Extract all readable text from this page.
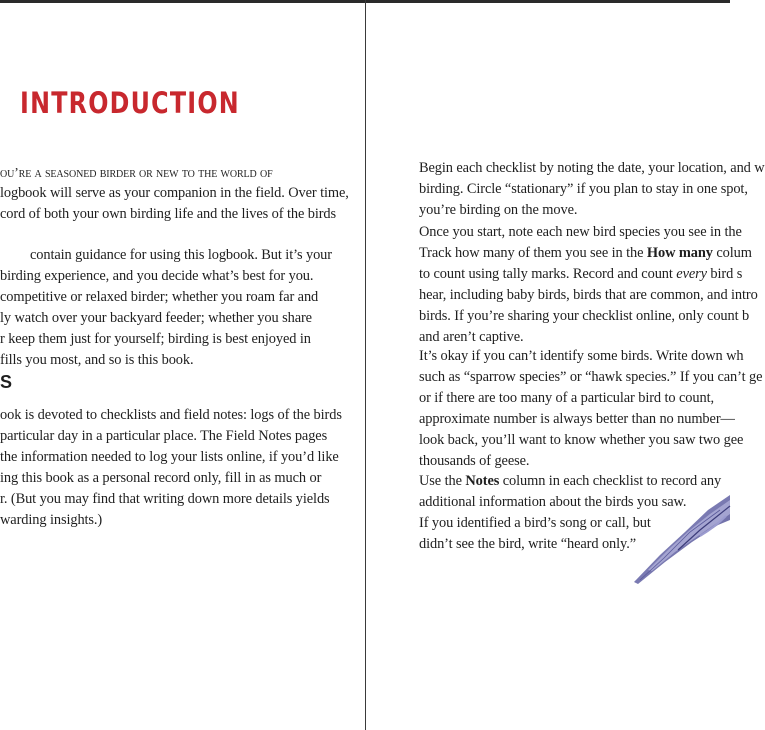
INTRODUCTION
ou’re a seasoned birder or new to the world of
logbook will serve as your companion in the field. Over time,
cord of both your own birding life and the lives of the birds
contain guidance for using this logbook. But it’s your
birding experience, and you decide what’s best for you.
competitive or relaxed birder; whether you roam far and
ly watch over your backyard feeder; whether you share
r keep them just for yourself; birding is best enjoyed in
fills you most, and so is this book.
S
ook is devoted to checklists and field notes: logs of the birds
particular day in a particular place. The Field Notes pages
the information needed to log your lists online, if you’d like
ing this book as a personal record only, fill in as much or
r. (But you may find that writing down more details yields
warding insights.)
Begin each checklist by noting the date, your location, and w
birding. Circle “stationary” if you plan to stay in one spot,
you’re birding on the move.
Once you start, note each new bird species you see in the
Track how many of them you see in the How many colum
to count using tally marks. Record and count every bird s
hear, including baby birds, birds that are common, and intro
birds. If you’re sharing your checklist online, only count b
and aren’t captive.
It’s okay if you can’t identify some birds. Write down wh
such as “sparrow species” or “hawk species.” If you can’t ge
or if there are too many of a particular bird to count,
approximate number is always better than no number—
look back, you’ll want to know whether you saw two gee
thousands of geese.
Use the Notes column in each checklist to record any
additional information about the birds you saw.
If you identified a bird’s song or call, but
didn’t see the bird, write “heard only.”
